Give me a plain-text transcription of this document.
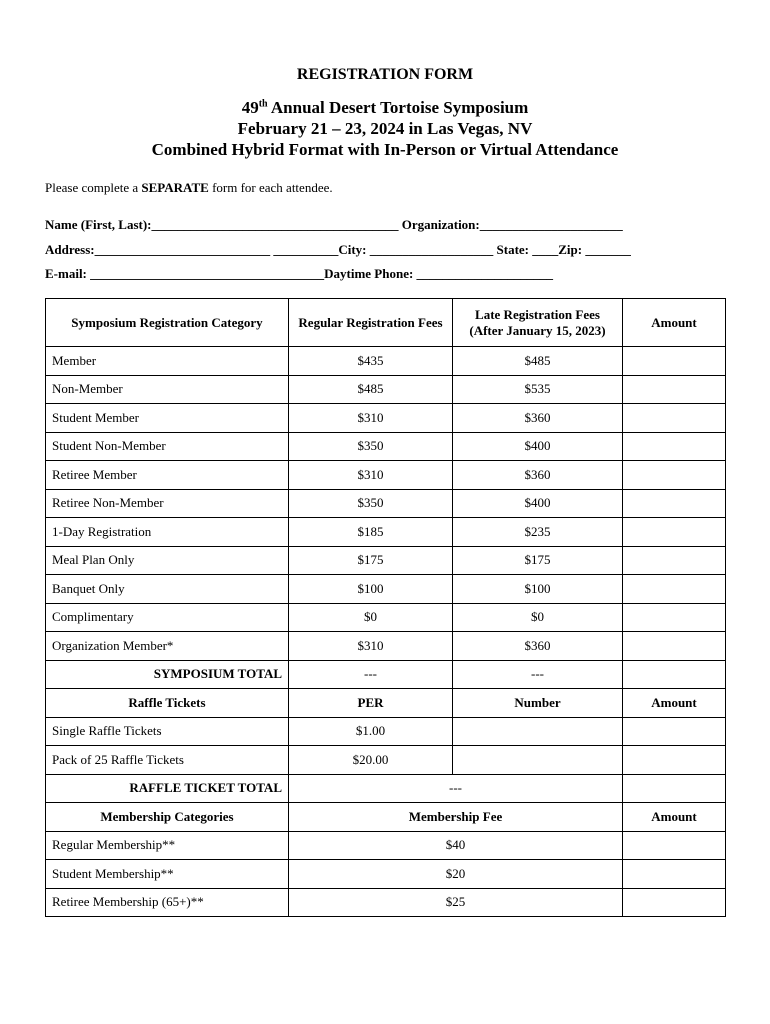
REGISTRATION FORM
49th Annual Desert Tortoise Symposium
February 21 – 23, 2024 in Las Vegas, NV
Combined Hybrid Format with In-Person or Virtual Attendance
Please complete a SEPARATE form for each attendee.
Name (First, Last):______________________________________ Organization:______________________
Address:___________________________ __________City: ___________________ State: ____Zip: _______
E-mail: ____________________________________Daytime Phone: _____________________
Symposium Registration Category	Regular Registration Fees	Late Registration Fees (After January 15, 2023)	Amount
Member	$435	$485	
Non-Member	$485	$535	
Student Member	$310	$360	
Student Non-Member	$350	$400	
Retiree Member	$310	$360	
Retiree Non-Member	$350	$400	
1-Day Registration	$185	$235	
Meal Plan Only	$175	$175	
Banquet Only	$100	$100	
Complimentary	$0	$0	
Organization Member*	$310	$360	
SYMPOSIUM TOTAL	---	---	
Raffle Tickets	PER	Number	Amount
Single Raffle Tickets	$1.00		
Pack of 25 Raffle Tickets	$20.00		
RAFFLE TICKET TOTAL	---		
Membership Categories	Membership Fee		Amount
Regular Membership**	$40		
Student Membership**	$20		
Retiree Membership (65+)**	$25		
